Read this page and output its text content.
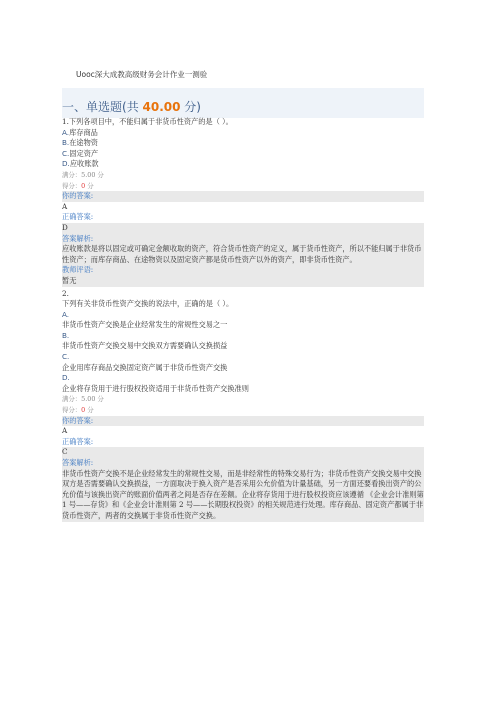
Uooc深大成教高级财务会计作业一测验
一、单选题(共 40.00 分)
1.下列各项目中，不能归属于非货币性资产的是（ ）。
A.库存商品
B.在途物资
C.固定资产
D.应收账款
满分：5.00 分
得分：0 分
你的答案:
A
正确答案:
D
答案解析:
应收账款是将以固定或可确定金额收取的资产，符合货币性资产的定义，属于货币性资产，所以不能归属于非货币性资产；而库存商品、在途物资以及固定资产都是货币性资产以外的资产，即非货币性资产。
教师评语:
暂无
2.
下列有关非货币性资产交换的说法中，正确的是（ ）。
A.
非货币性资产交换是企业经常发生的常规性交易之一
B.
非货币性资产交换交易中交换双方需要确认交换损益
C.
企业用库存商品交换固定资产属于非货币性资产交换
D.
企业将存货用于进行股权投资适用于非货币性资产交换准则
满分：5.00 分
得分：0 分
你的答案:
A
正确答案:
C
答案解析:
非货币性资产交换不是企业经常发生的常规性交易，而是非经常性的特殊交易行为；非货币性资产交换交易中交换双方是否需要确认交换损益，一方面取决于换入资产是否采用公允价值为计量基础，另一方面还要看换出资产的公允价值与该换出资产的账面价值两者之间是否存在差额。企业将存货用于进行股权投资应该遵循 《企业会计准则第 1 号——存货》和《企业会计准则第 2 号——长期股权投资》的相关规范进行处理。库存商品、固定资产都属于非货币性资产，两者的交换属于非货币性资产交换。
